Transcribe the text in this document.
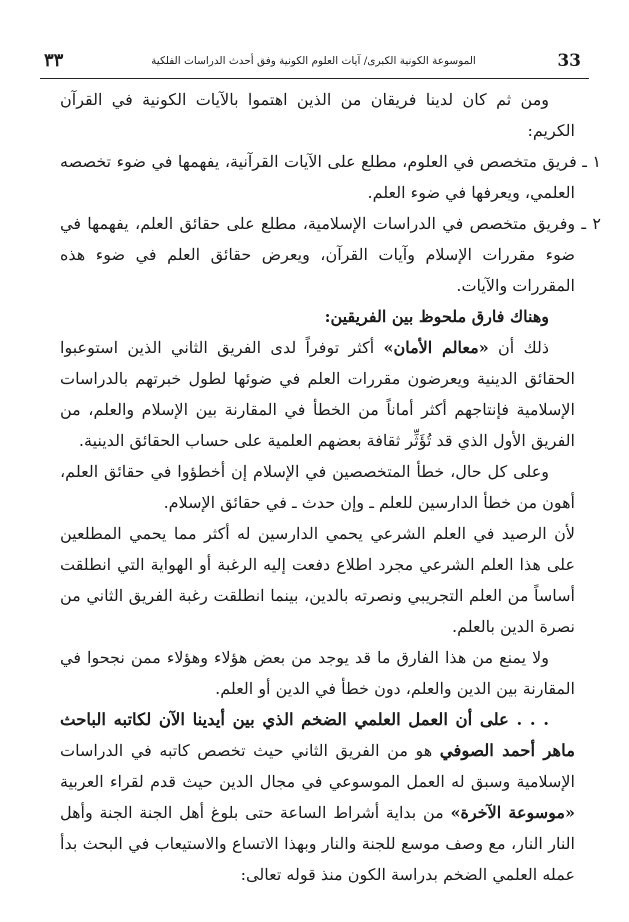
٣٣	الموسوعة الكونية الكبرى/ آيات العلوم الكونية وفق أحدث الدراسات الفلكية	33

ومن ثم كان لدينا فريقان من الذين اهتموا بالآيات الكونية في القرآن الكريم:

١ ـ فريق متخصص في العلوم، مطلع على الآيات القرآنية، يفهمها في ضوء تخصصه العلمي، ويعرفها في ضوء العلم.

٢ ـ وفريق متخصص في الدراسات الإسلامية، مطلع على حقائق العلم، يفهمها في ضوء مقررات الإسلام وآيات القرآن، ويعرض حقائق العلم في ضوء هذه المقررات والآيات.

وهناك فارق ملحوظ بين الفريقين:

ذلك أن «معالم الأمان» أكثر توفراً لدى الفريق الثاني الذين استوعبوا الحقائق الدينية ويعرضون مقررات العلم في ضوئها لطول خبرتهم بالدراسات الإسلامية فإنتاجهم أكثر أماناً من الخطأ في المقارنة بين الإسلام والعلم، من الفريق الأول الذي قد تُؤَثِّر ثقافة بعضهم العلمية على حساب الحقائق الدينية.

وعلى كل حال، خطأ المتخصصين في الإسلام إن أخطؤوا في حقائق العلم، أهون من خطأ الدارسين للعلم ـ وإن حدث ـ في حقائق الإسلام.

لأن الرصيد في العلم الشرعي يحمي الدارسين له أكثر مما يحمي المطلعين على هذا العلم الشرعي مجرد اطلاع دفعت إليه الرغبة أو الهواية التي انطلقت أساساً من العلم التجريبي ونصرته بالدين، بينما انطلقت رغبة الفريق الثاني من نصرة الدين بالعلم.

ولا يمنع من هذا الفارق ما قد يوجد من بعض هؤلاء وهؤلاء ممن نجحوا في المقارنة بين الدين والعلم، دون خطأ في الدين أو العلم.

. . . على أن العمل العلمي الضخم الذي بين أيدينا الآن لكاتبه الباحث ماهر أحمد الصوفي هو من الفريق الثاني حيث تخصص كاتبه في الدراسات الإسلامية وسبق له العمل الموسوعي في مجال الدين حيث قدم لقراء العربية «موسوعة الآخرة» من بداية أشراط الساعة حتى بلوغ أهل الجنة الجنة وأهل النار النار، مع وصف موسع للجنة والنار وبهذا الاتساع والاستيعاب في البحث بدأ عمله العلمي الضخم بدراسة الكون منذ قوله تعالى:
